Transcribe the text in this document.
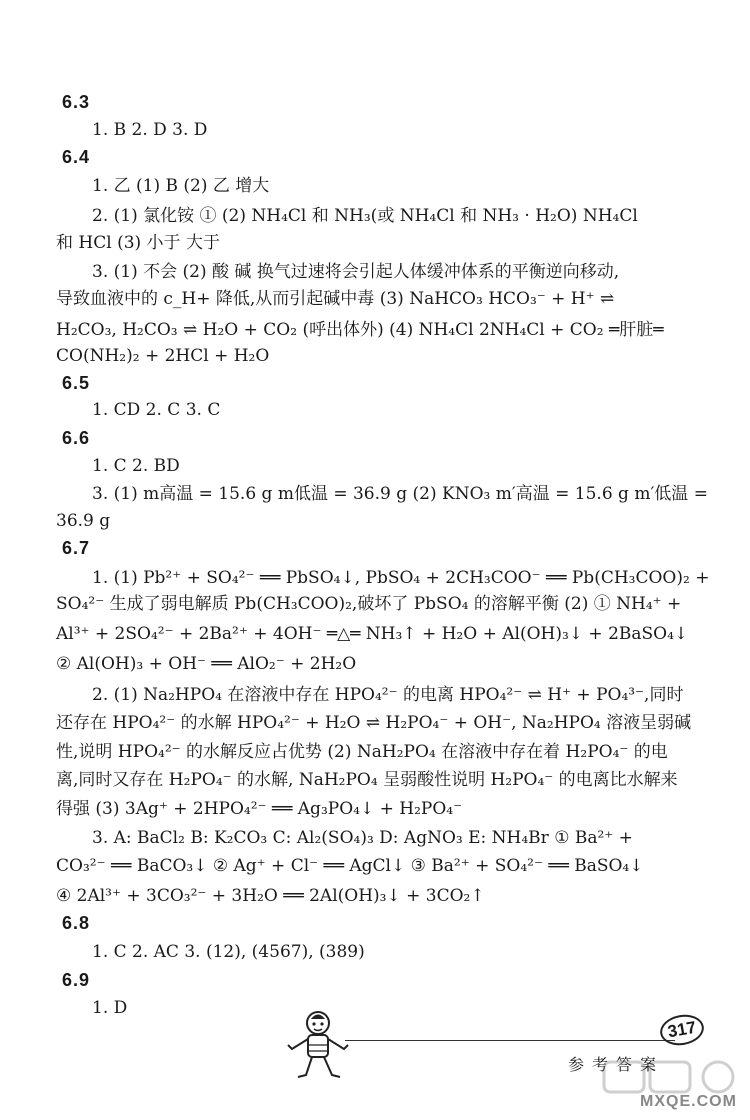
6.3
1. B 2. D 3. D
6.4
1. 乙 (1) B (2) 乙 增大
2. (1) 氯化铵 ① (2) NH₄Cl 和 NH₃(或 NH₄Cl 和 NH₃ · H₂O) NH₄Cl
和 HCl (3) 小于 大于
3. (1) 不会 (2) 酸 碱 换气过速将会引起人体缓冲体系的平衡逆向移动,
导致血液中的 c_H+ 降低,从而引起碱中毒 (3) NaHCO₃ HCO₃⁻ + H⁺ ⇌
H₂CO₃, H₂CO₃ ⇌ H₂O + CO₂ (呼出体外) (4) NH₄Cl 2NH₄Cl + CO₂ ═肝脏═
CO(NH₂)₂ + 2HCl + H₂O
6.5
1. CD 2. C 3. C
6.6
1. C 2. BD
3. (1) m高温 = 15.6 g m低温 = 36.9 g (2) KNO₃ m′高温 = 15.6 g m′低温 =
36.9 g
6.7
1. (1) Pb²⁺ + SO₄²⁻ ══ PbSO₄↓, PbSO₄ + 2CH₃COO⁻ ══ Pb(CH₃COO)₂ +
SO₄²⁻ 生成了弱电解质 Pb(CH₃COO)₂,破坏了 PbSO₄ 的溶解平衡 (2) ① NH₄⁺ +
Al³⁺ + 2SO₄²⁻ + 2Ba²⁺ + 4OH⁻ ═△═ NH₃↑ + H₂O + Al(OH)₃↓ + 2BaSO₄↓
② Al(OH)₃ + OH⁻ ══ AlO₂⁻ + 2H₂O
2. (1) Na₂HPO₄ 在溶液中存在 HPO₄²⁻ 的电离 HPO₄²⁻ ⇌ H⁺ + PO₄³⁻,同时
还存在 HPO₄²⁻ 的水解 HPO₄²⁻ + H₂O ⇌ H₂PO₄⁻ + OH⁻, Na₂HPO₄ 溶液呈弱碱
性,说明 HPO₄²⁻ 的水解反应占优势 (2) NaH₂PO₄ 在溶液中存在着 H₂PO₄⁻ 的电
离,同时又存在 H₂PO₄⁻ 的水解, NaH₂PO₄ 呈弱酸性说明 H₂PO₄⁻ 的电离比水解来
得强 (3) 3Ag⁺ + 2HPO₄²⁻ ══ Ag₃PO₄↓ + H₂PO₄⁻
3. A: BaCl₂ B: K₂CO₃ C: Al₂(SO₄)₃ D: AgNO₃ E: NH₄Br ① Ba²⁺ +
CO₃²⁻ ══ BaCO₃↓ ② Ag⁺ + Cl⁻ ══ AgCl↓ ③ Ba²⁺ + SO₄²⁻ ══ BaSO₄↓
④ 2Al³⁺ + 3CO₃²⁻ + 3H₂O ══ 2Al(OH)₃↓ + 3CO₂↑
6.8
1. C 2. AC 3. (12), (4567), (389)
6.9
1. D
317
参考答案
MXQE.COM
